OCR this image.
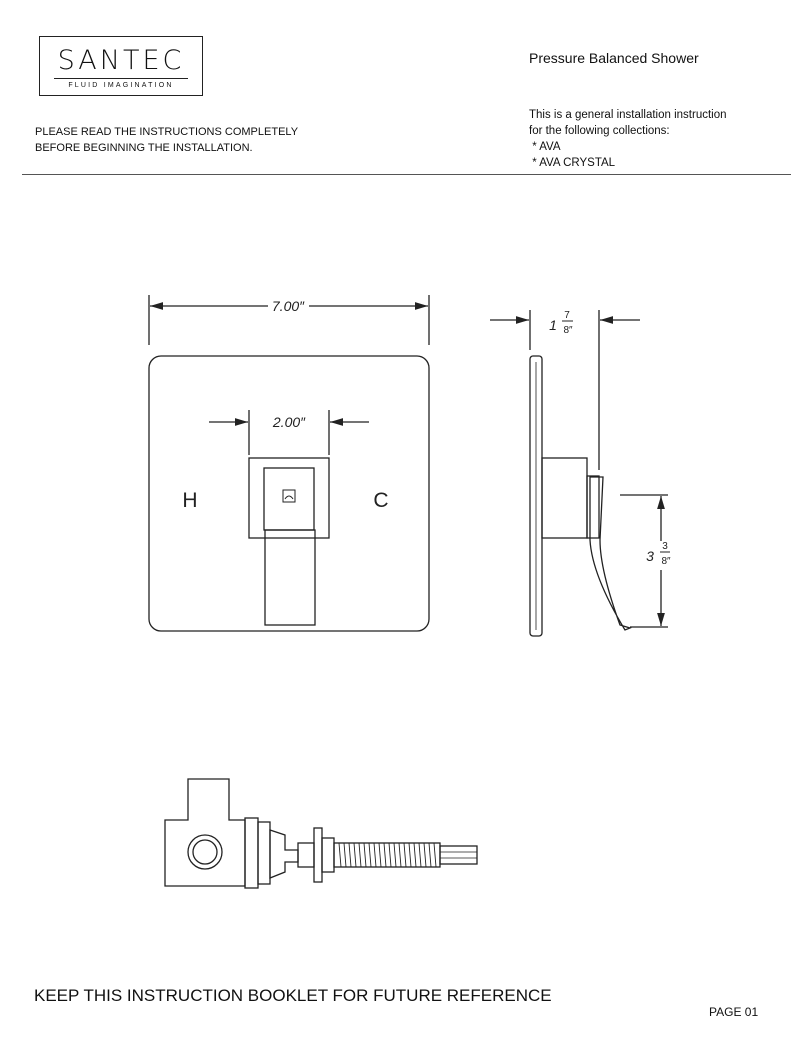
SANTEC
FLUID IMAGINATION
Pressure Balanced Shower
PLEASE READ THE INSTRUCTIONS COMPLETELY
BEFORE BEGINNING THE INSTALLATION.
This is a general installation instruction
for the following collections:
* AVA
* AVA CRYSTAL
7.00″
2.00″
H	C
1
7
8″
3
3
8″
KEEP THIS INSTRUCTION BOOKLET FOR FUTURE REFERENCE
PAGE 01
